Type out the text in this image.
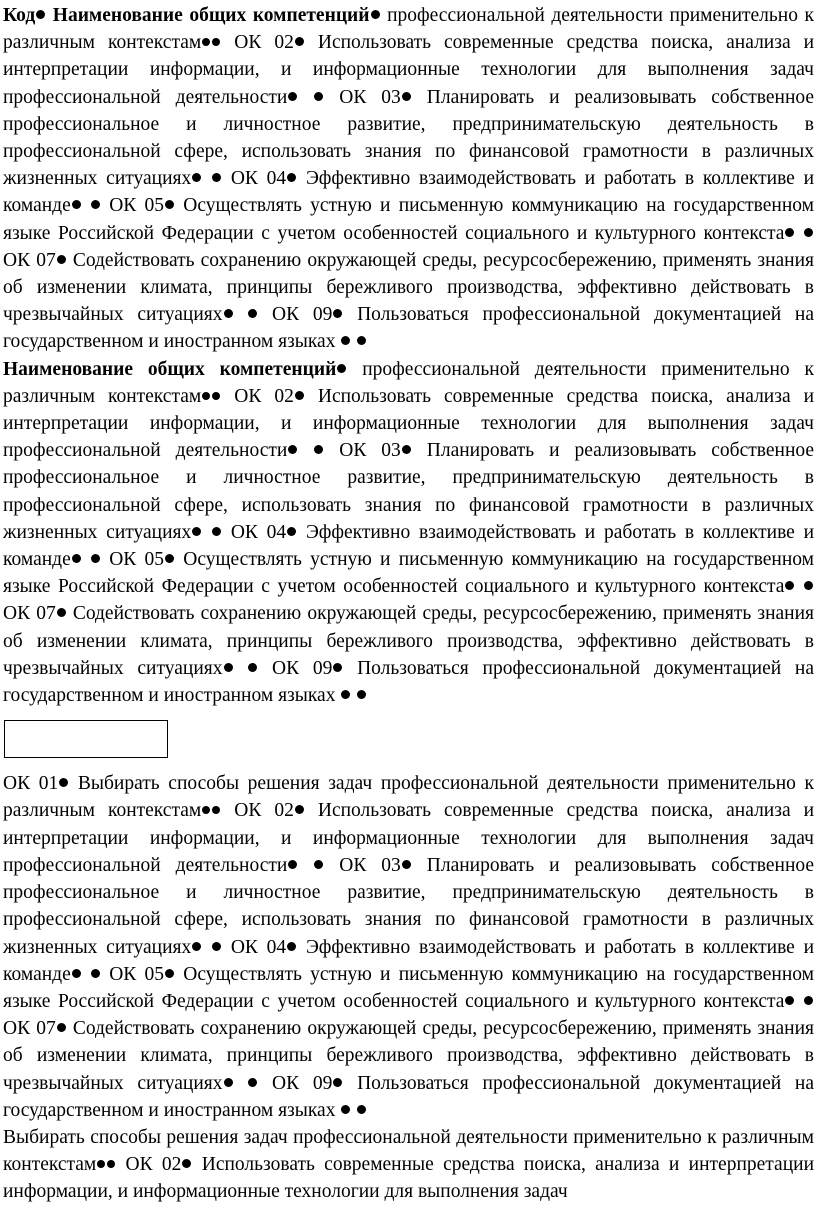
Код Наименование общих компетенций профессиональной деятельности применительно к различным контекстам ОК 02 Использовать современные средства поиска, анализа и интерпретации информации, и информационные технологии для выполнения задач профессиональной деятельности	ОК 03 Планировать и реализовывать собственное профессиональное и личностное развитие, предпринимательскую деятельность в профессиональной сфере, использовать знания по финансовой грамотности в различных жизненных ситуациях ОК 04 Эффективно взаимодействовать и работать в коллективе и команде ОК 05 Осуществлять устную и письменную коммуникацию на государственном языке Российской Федерации с учетом особенностей социального и культурного контекста  ОК 07 Содействовать сохранению окружающей среды, ресурсосбережению, применять знания об изменении климата, принципы бережливого производства, эффективно действовать в чрезвычайных ситуациях	ОК 09 Пользоваться профессиональной документацией на государственном и иностранном языках

Наименование общих компетенций профессиональной деятельности применительно к различным контекстам ОК 02 Использовать современные средства поиска, анализа и интерпретации информации, и информационные технологии для выполнения задач профессиональной деятельности	ОК 03 Планировать и реализовывать собственное профессиональное и личностное развитие, предпринимательскую деятельность в профессиональной сфере, использовать знания по финансовой грамотности в различных жизненных ситуациях ОК 04 Эффективно взаимодействовать и работать в коллективе и команде ОК 05 Осуществлять устную и письменную коммуникацию на государственном языке Российской Федерации с учетом особенностей социального и культурного контекста  ОК 07 Содействовать сохранению окружающей среды, ресурсосбережению, применять знания об изменении климата, принципы бережливого производства, эффективно действовать в чрезвычайных ситуациях	ОК 09 Пользоваться профессиональной документацией на государственном и иностранном языках

ОК 01 Выбирать способы решения задач профессиональной деятельности применительно к различным контекстам ОК 02 Использовать современные средства поиска, анализа и интерпретации информации, и информационные технологии для выполнения задач профессиональной деятельности	ОК 03 Планировать и реализовывать собственное профессиональное и личностное развитие, предпринимательскую деятельность в профессиональной сфере, использовать знания по финансовой грамотности в различных жизненных ситуациях ОК 04 Эффективно взаимодействовать и работать в коллективе и команде ОК 05 Осуществлять устную и письменную коммуникацию на государственном языке Российской Федерации с учетом особенностей социального и культурного контекста  ОК 07 Содействовать сохранению окружающей среды, ресурсосбережению, применять знания об изменении климата, принципы бережливого производства, эффективно действовать в чрезвычайных ситуациях	ОК 09 Пользоваться профессиональной документацией на государственном и иностранном языках

Выбирать способы решения задач профессиональной деятельности применительно к различным контекстам ОК 02 Использовать современные средства поиска, анализа и интерпретации информации, и информационные технологии для выполнения задач
